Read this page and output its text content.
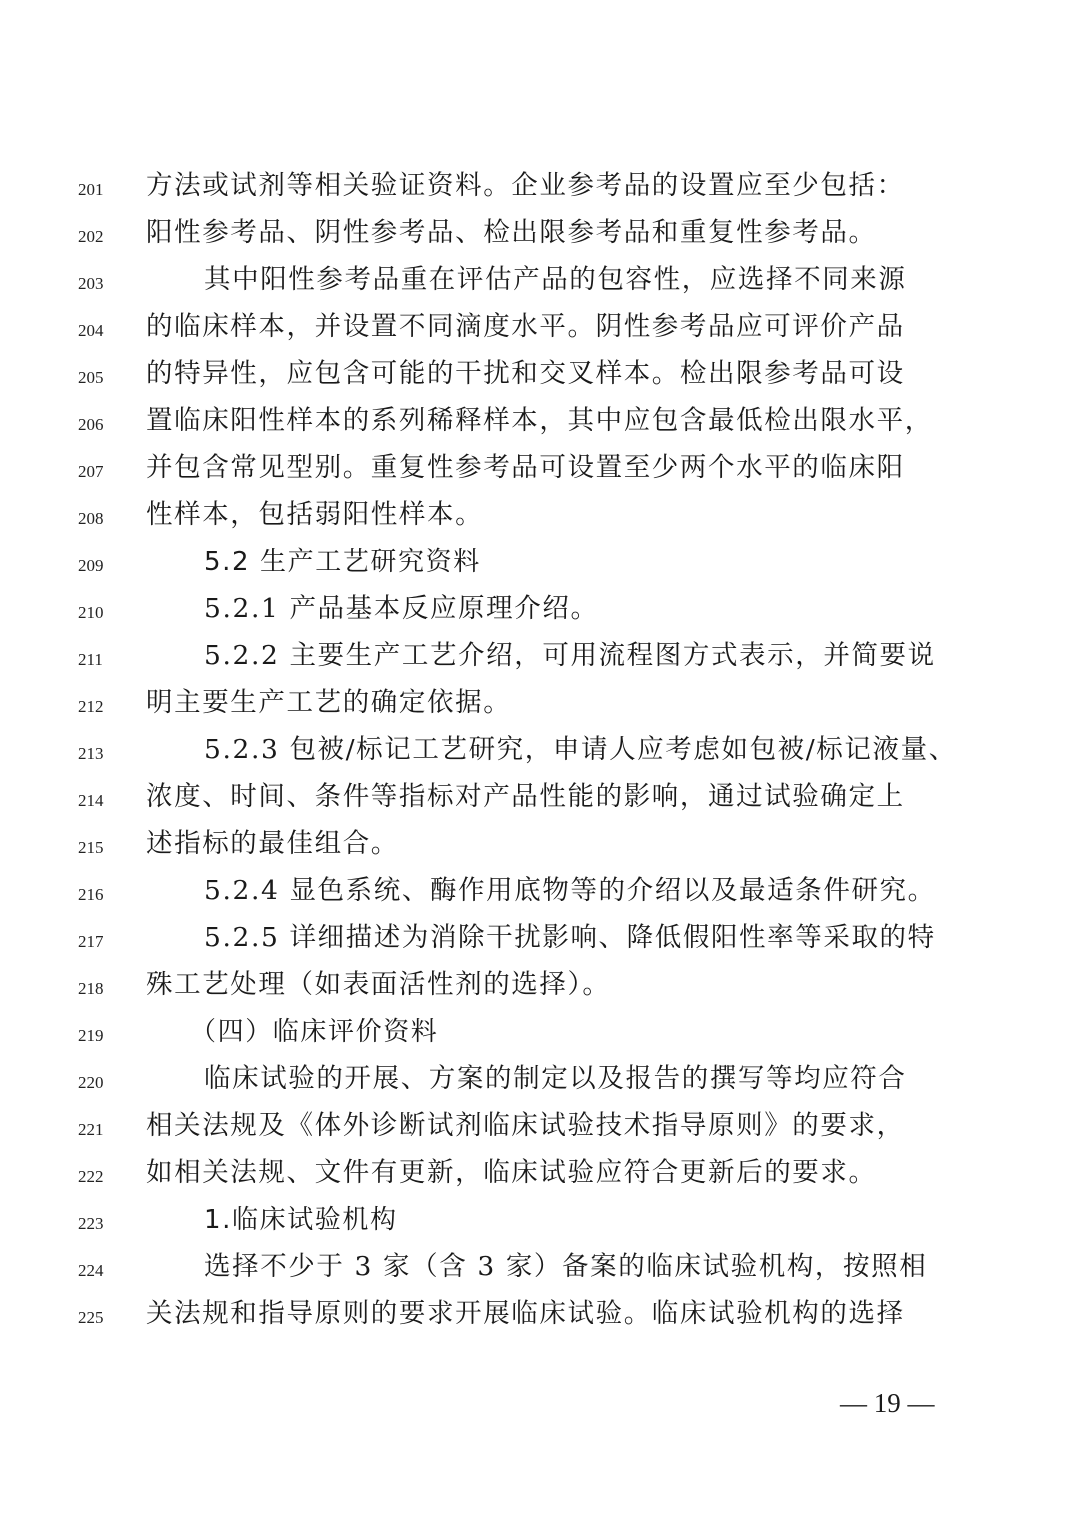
201	方法或试剂等相关验证资料。企业参考品的设置应至少包括：
202	阳性参考品、阴性参考品、检出限参考品和重复性参考品。
203	其中阳性参考品重在评估产品的包容性，应选择不同来源
204	的临床样本，并设置不同滴度水平。阴性参考品应可评价产品
205	的特异性，应包含可能的干扰和交叉样本。检出限参考品可设
206	置临床阳性样本的系列稀释样本，其中应包含最低检出限水平，
207	并包含常见型别。重复性参考品可设置至少两个水平的临床阳
208	性样本，包括弱阳性样本。
209	5.2 生产工艺研究资料
210	5.2.1 产品基本反应原理介绍。
211	5.2.2 主要生产工艺介绍，可用流程图方式表示，并简要说
212	明主要生产工艺的确定依据。
213	5.2.3 包被/标记工艺研究，申请人应考虑如包被/标记液量、
214	浓度、时间、条件等指标对产品性能的影响，通过试验确定上
215	述指标的最佳组合。
216	5.2.4 显色系统、酶作用底物等的介绍以及最适条件研究。
217	5.2.5 详细描述为消除干扰影响、降低假阳性率等采取的特
218	殊工艺处理（如表面活性剂的选择）。
219	（四）临床评价资料
220	临床试验的开展、方案的制定以及报告的撰写等均应符合
221	相关法规及《体外诊断试剂临床试验技术指导原则》的要求，
222	如相关法规、文件有更新，临床试验应符合更新后的要求。
223	1.临床试验机构
224	选择不少于 3 家（含 3 家）备案的临床试验机构，按照相
225	关法规和指导原则的要求开展临床试验。临床试验机构的选择
— 19 —
